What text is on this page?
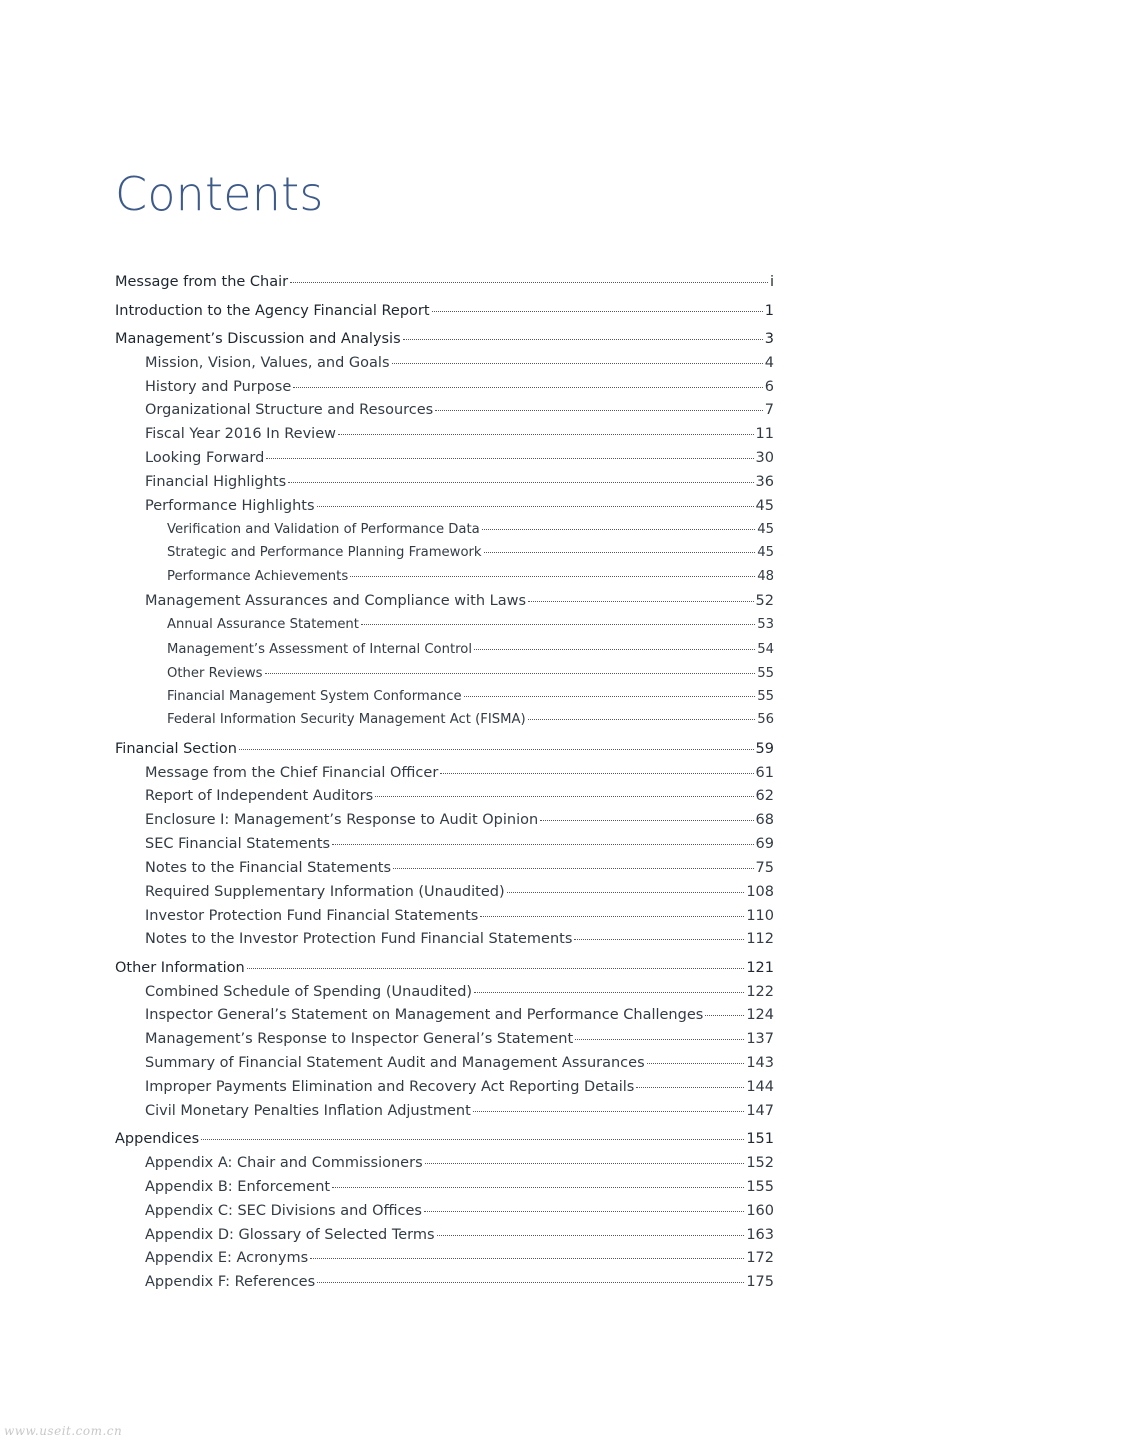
Contents
Message from the Chair	i
Introduction to the Agency Financial Report	1
Management’s Discussion and Analysis	3
Mission, Vision, Values, and Goals	4
History and Purpose	6
Organizational Structure and Resources	7
Fiscal Year 2016 In Review	11
Looking Forward	30
Financial Highlights	36
Performance Highlights	45
Verification and Validation of Performance Data	45
Strategic and Performance Planning Framework	45
Performance Achievements	48
Management Assurances and Compliance with Laws	52
Annual Assurance Statement	53
Management’s Assessment of Internal Control	54
Other Reviews	55
Financial Management System Conformance	55
Federal Information Security Management Act (FISMA)	56
Financial Section	59
Message from the Chief Financial Officer	61
Report of Independent Auditors	62
Enclosure I: Management’s Response to Audit Opinion	68
SEC Financial Statements	69
Notes to the Financial Statements	75
Required Supplementary Information (Unaudited)	108
Investor Protection Fund Financial Statements	110
Notes to the Investor Protection Fund Financial Statements	112
Other Information	121
Combined Schedule of Spending (Unaudited)	122
Inspector General’s Statement on Management and Performance Challenges	124
Management’s Response to Inspector General’s Statement	137
Summary of Financial Statement Audit and Management Assurances	143
Improper Payments Elimination and Recovery Act Reporting Details	144
Civil Monetary Penalties Inflation Adjustment	147
Appendices	151
Appendix A: Chair and Commissioners	152
Appendix B: Enforcement	155
Appendix C: SEC Divisions and Offices	160
Appendix D: Glossary of Selected Terms	163
Appendix E: Acronyms	172
Appendix F: References	175
www.useit.com.cn
